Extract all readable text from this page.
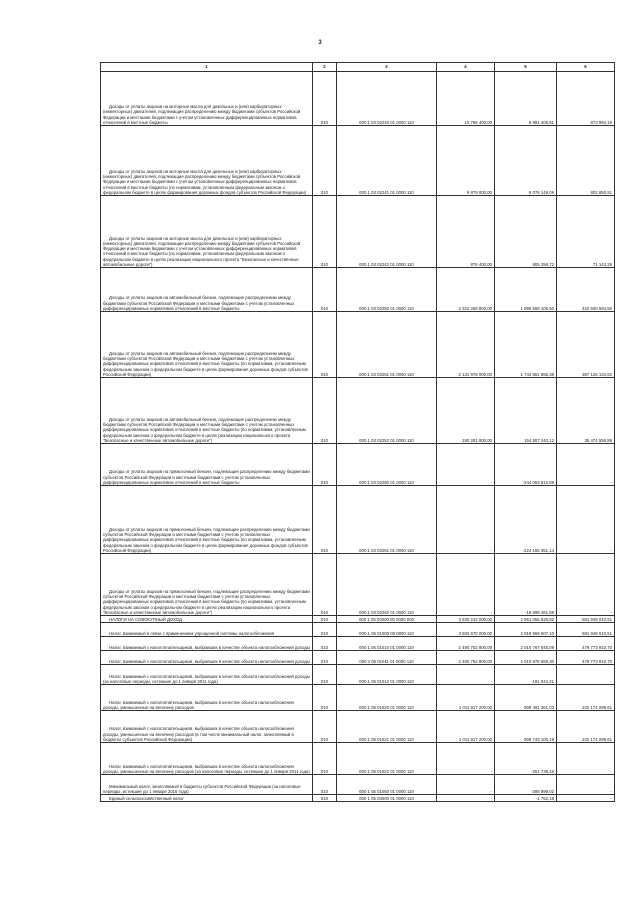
3
1	2	3	4	5	6
Доходы от уплаты акцизов на моторные масла для дизельных и (или) карбюраторных (инжекторных) двигателей, подлежащие распределению между бюджетами субъектов Российской Федерации и местными бюджетами с учетом установленных дифференцированных нормативов отчислений в местные бюджеты	010	000 1 03 02240 01 0000 110	10 756 400,00	9 881 405,81	873 994,19
Доходы от уплаты акцизов на моторные масла для дизельных и (или) карбюраторных (инжекторных) двигателей, подлежащие распределению между бюджетами субъектов Российской Федерации и местными бюджетами с учетом установленных дифференцированных нормативов отчислений в местные бюджеты (по нормативам, установленным федеральным законом о федеральном бюджете в целях формирования дорожных фондов субъектов Российской Федерации)	010	000 1 03 02241 01 0000 110	9 879 000,00	9 076 149,09	802 850,91
Доходы от уплаты акцизов на моторные масла для дизельных и (или) карбюраторных (инжекторных) двигателей, подлежащие распределению между бюджетами субъектов Российской Федерации и местными бюджетами с учетом установленных дифференцированных нормативов отчислений в местные бюджеты (по нормативам, установленным федеральным законом о федеральном бюджете в целях реализации национального проекта "Безопасные и качественные автомобильные дороги")	010	000 1 03 02242 01 0000 110	876 400,00	805 256,72	71 143,28
Доходы от уплаты акцизов на автомобильный бензин, подлежащие распределению между бюджетами субъектов Российской Федерации и местными бюджетами с учетом установленных дифференцированных нормативов отчислений в местные бюджеты	010	000 1 03 02250 01 0000 110	2 322 259 800,00	1 899 559 105,50	422 600 694,50
Доходы от уплаты акцизов на автомобильный бензин, подлежащие распределению между бюджетами субъектов Российской Федерации и местными бюджетами с учетом установленных дифференцированных нормативов отчислений в местные бюджеты (по нормативам, установленным федеральным законом о федеральном бюджете в целях формирования дорожных фондов субъектов Российской Федерации)	010	000 1 03 02251 01 0000 110	2 131 978 000,00	1 744 851 865,38	387 126 134,62
Доходы от уплаты акцизов на автомобильный бензин, подлежащие распределению между бюджетами субъектов Российской Федерации и местными бюджетами с учетом установленных дифференцированных нормативов отчислений в местные бюджеты (по нормативам, установленным федеральным законом о федеральном бюджете в целях реализации национального проекта "Безопасные и качественные автомобильные дороги")	010	000 1 03 02252 01 0000 110	190 281 800,00	154 807 240,12	35 474 559,88
Доходы от уплаты акцизов на прямогонный бензин, подлежащие распределению между бюджетами субъектов Российской Федерации и местными бюджетами с учетом установленных дифференцированных нормативов отчислений в местные бюджеты	010	000 1 03 02260 01 0000 110	-	-244 053 812,69	-
Доходы от уплаты акцизов на прямогонный бензин, подлежащие распределению между бюджетами субъектов Российской Федерации и местными бюджетами с учетом установленных дифференцированных нормативов отчислений в местные бюджеты (по нормативам, установленным федеральным законом о федеральном бюджете в целях формирования дорожных фондов субъектов Российской Федерации)	010	000 1 03 02261 01 0000 110	-	-224 155 351,14	-
Доходы от уплаты акцизов на прямогонный бензин, подлежащие распределению между бюджетами субъектов Российской Федерации и местными бюджетами с учетом установленных дифференцированных нормативов отчислений в местные бюджеты (по нормативам, установленным федеральным законом о федеральном бюджете в целях реализации национального проекта "Безопасные и качественные автомобильные дороги")	010	000 1 03 02262 01 0000 110	-	-19 898 461,55	-
НАЛОГИ НА СОВОКУПНЫЙ ДОХОД	010	000 1 05 00000 00 0000 000	3 530 242 000,00	2 951 056 828,82	581 948 010,51
Налог, взимаемый в связи с применением упрощенной системы налогообложения	010	000 1 05 01000 00 0000 110	3 502 670 000,00	2 919 969 507,10	581 948 010,51
Налог, взимаемый с налогоплательщиков, выбравших в качестве объекта налогообложения доходы	010	000 1 05 01010 01 0000 110	2 490 752 800,00	2 010 767 045,09	479 773 910,70
Налог, взимаемый с налогоплательщиков, выбравших в качестве объекта налогообложения доходы	010	000 1 05 01011 01 0000 110	2 490 752 800,00	2 010 978 889,30	479 773 910,70
Налог, взимаемый с налогоплательщиков, выбравших в качестве объекта налогообложения доходы (за налоговые периоды, истекшие до 1 января 2011 года)	010	000 1 05 01012 01 0000 110	-	-191 844,21	-
Налог, взимаемый с налогоплательщиков, выбравших в качестве объекта налогообложения доходы, уменьшенные на величину расходов	010	000 1 05 01020 01 0000 110	1 011 917 200,00	909 491 361,03	102 174 099,61
Налог, взимаемый с налогоплательщиков, выбравших в качестве объекта налогообложения доходы, уменьшенные на величину расходов (в том числе минимальный налог, зачисляемый в бюджеты субъектов Российской Федерации)	010	000 1 05 01021 01 0000 110	1 011 917 200,00	909 743 100,19	102 174 099,61
Налог, взимаемый с налогоплательщиков, выбравших в качестве объекта налогообложения доходы, уменьшенные на величину расходов (за налоговые периоды, истекшие до 1 января 2011 года)	010	000 1 05 01022 01 0000 110	-	-251 739,16	-
Минимальный налог, зачисляемый в бюджеты субъектов Российской Федерации (за налоговые периоды, истекшие до 1 января 2016 года)	010	000 1 05 01050 01 0000 110	-	-288 899,02	-
Единый сельскохозяйственный налог	010	000 1 05 03000 01 0000 110	-	-1 752,18	-
